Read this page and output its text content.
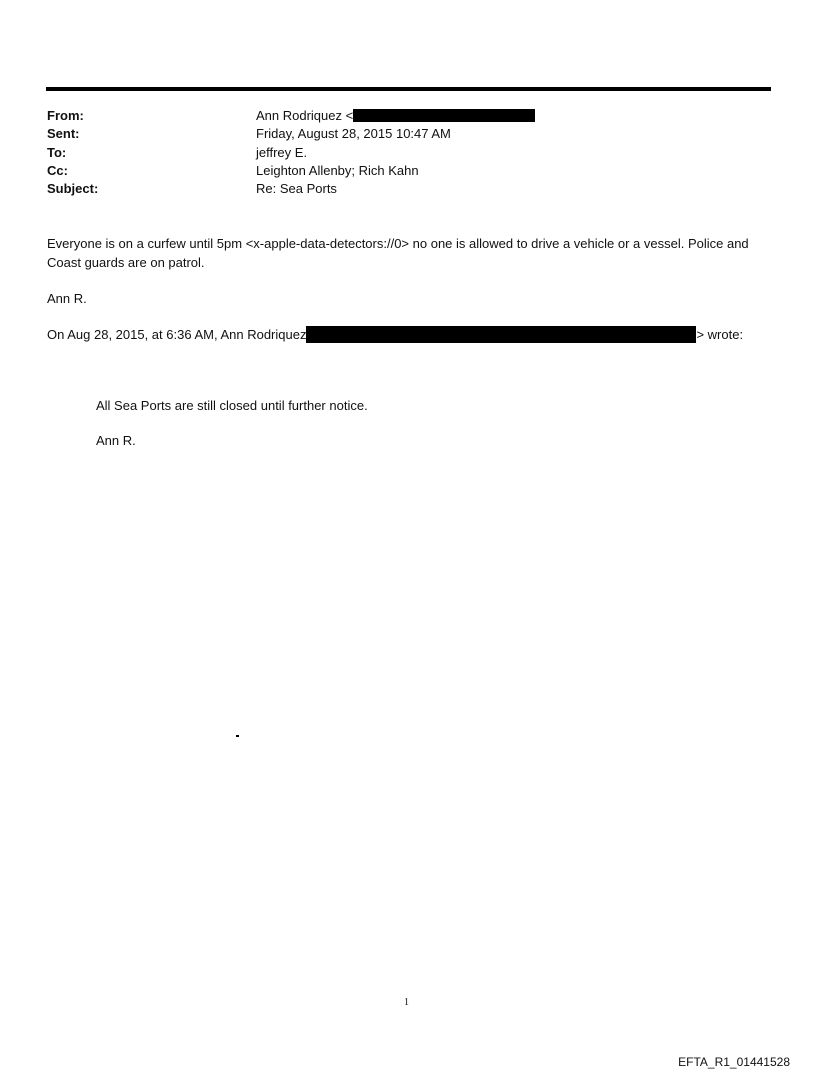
From:	Ann Rodriquez <
Sent:	Friday, August 28, 2015 10:47 AM
To:	jeffrey E.
Cc:	Leighton Allenby; Rich Kahn
Subject:	Re: Sea Ports

Everyone is on a curfew until 5pm <x-apple-data-detectors://0> no one is allowed to drive a vehicle or a vessel. Police and Coast guards are on patrol.

Ann R.
On Aug 28, 2015, at 6:36 AM, Ann Rodriquez	> wrote:
All Sea Ports are still closed until further notice.
Ann R.
1
EFTA_R1_01441528
